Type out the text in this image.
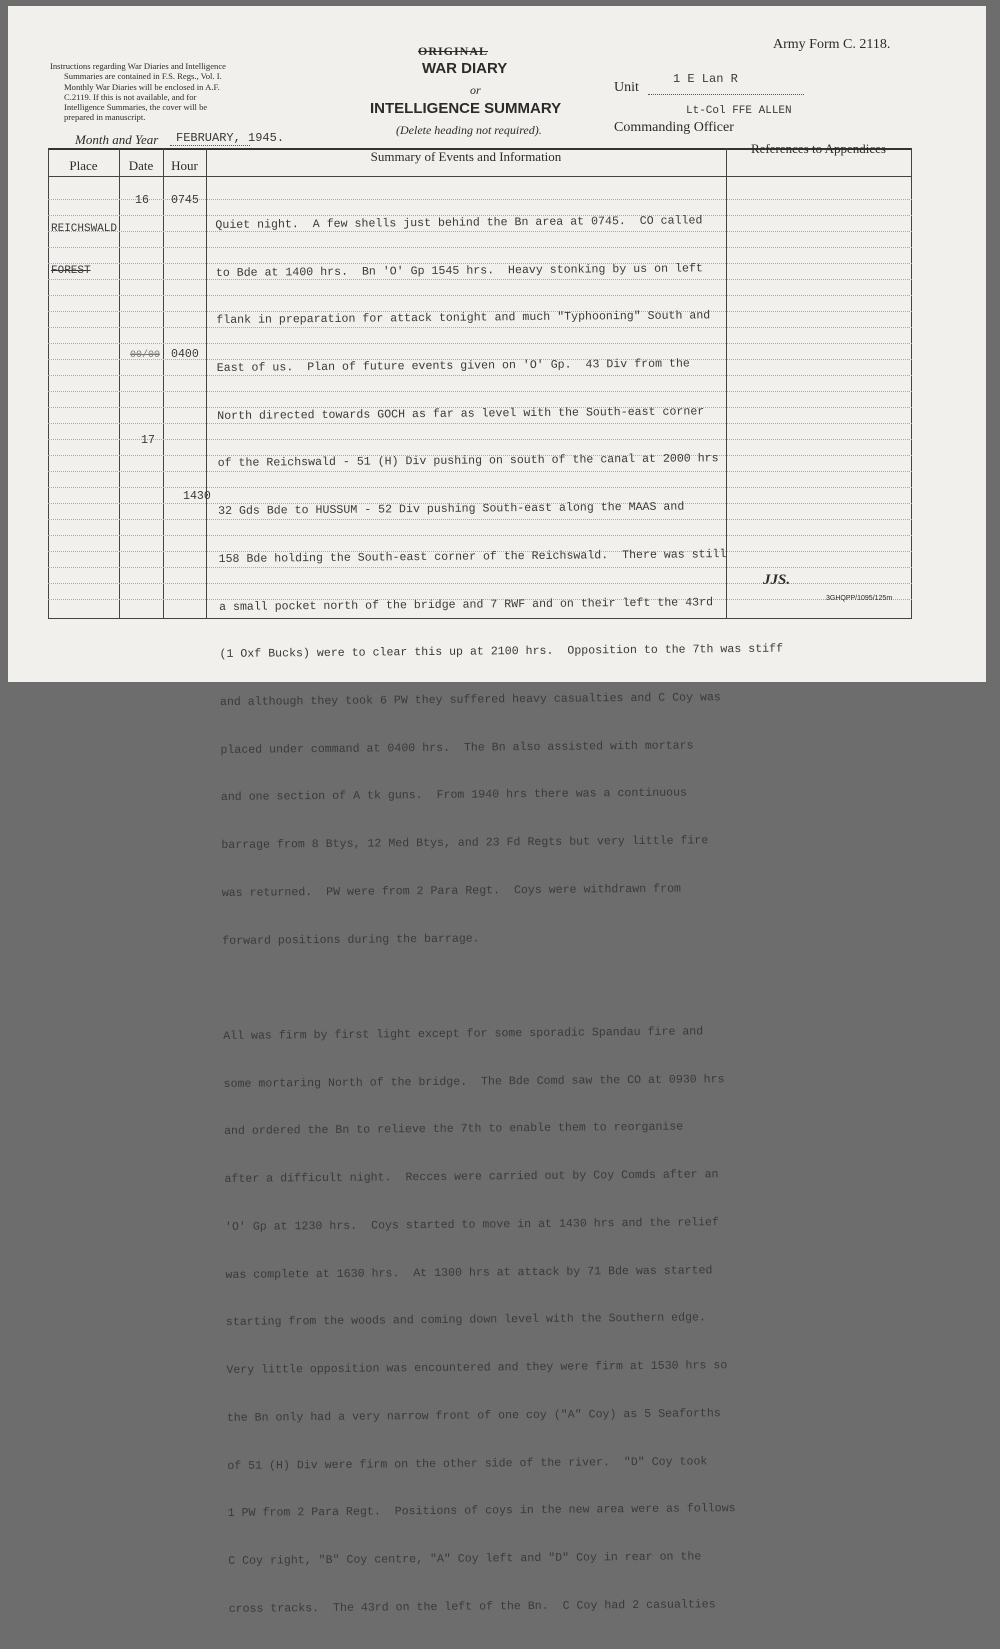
Instructions regarding War Diaries and Intelligence
Summaries are contained in F.S. Regs., Vol. I.
Monthly War Diaries will be enclosed in A.F.
C.2119. If this is not available, and for
Intelligence Summaries, the cover will be
prepared in manuscript.
Army Form C. 2118.
ORIGINAL
WAR DIARY
or
INTELLIGENCE SUMMARY
(Delete heading not required).
Unit
1 E Lan R
Lt-Col FFE ALLEN
Commanding Officer
Month and Year FEBRUARY, 1945.
Place	Date	Hour
Summary of Events and Information
References to Appendices

REICHSWALD

FOREST

16 0745
00/00 0400
17
1430

Quiet night.  A few shells just behind the Bn area at 0745.  CO called

to Bde at 1400 hrs.  Bn 'O' Gp 1545 hrs.  Heavy stonking by us on left

flank in preparation for attack tonight and much "Typhooning" South and

East of us.  Plan of future events given on 'O' Gp.  43 Div from the

North directed towards GOCH as far as level with the South-east corner

of the Reichswald - 51 (H) Div pushing on south of the canal at 2000 hrs

32 Gds Bde to HUSSUM - 52 Div pushing South-east along the MAAS and

158 Bde holding the South-east corner of the Reichswald.  There was still

a small pocket north of the bridge and 7 RWF and on their left the 43rd

(1 Oxf Bucks) were to clear this up at 2100 hrs.  Opposition to the 7th was stiff

and although they took 6 PW they suffered heavy casualties and C Coy was

placed under command at 0400 hrs.  The Bn also assisted with mortars

and one section of A tk guns.  From 1940 hrs there was a continuous

barrage from 8 Btys, 12 Med Btys, and 23 Fd Regts but very little fire

was returned.  PW were from 2 Para Regt.  Coys were withdrawn from

forward positions during the barrage.

All was firm by first light except for some sporadic Spandau fire and

some mortaring North of the bridge.  The Bde Comd saw the CO at 0930 hrs

and ordered the Bn to relieve the 7th to enable them to reorganise

after a difficult night.  Recces were carried out by Coy Comds after an

'O' Gp at 1230 hrs.  Coys started to move in at 1430 hrs and the relief

was complete at 1630 hrs.  At 1300 hrs at attack by 71 Bde was started

starting from the woods and coming down level with the Southern edge.

Very little opposition was encountered and they were firm at 1530 hrs so

the Bn only had a very narrow front of one coy ("A" Coy) as 5 Seaforths

of 51 (H) Div were firm on the other side of the river.  "D" Coy took

1 PW from 2 Para Regt.  Positions of coys in the new area were as follows

C Coy right, "B" Coy centre, "A" Coy left and "D" Coy in rear on the

cross tracks.  The 43rd on the left of the Bn.  C Coy had 2 casualties

JJS.
3GHQPP/1095/125m
